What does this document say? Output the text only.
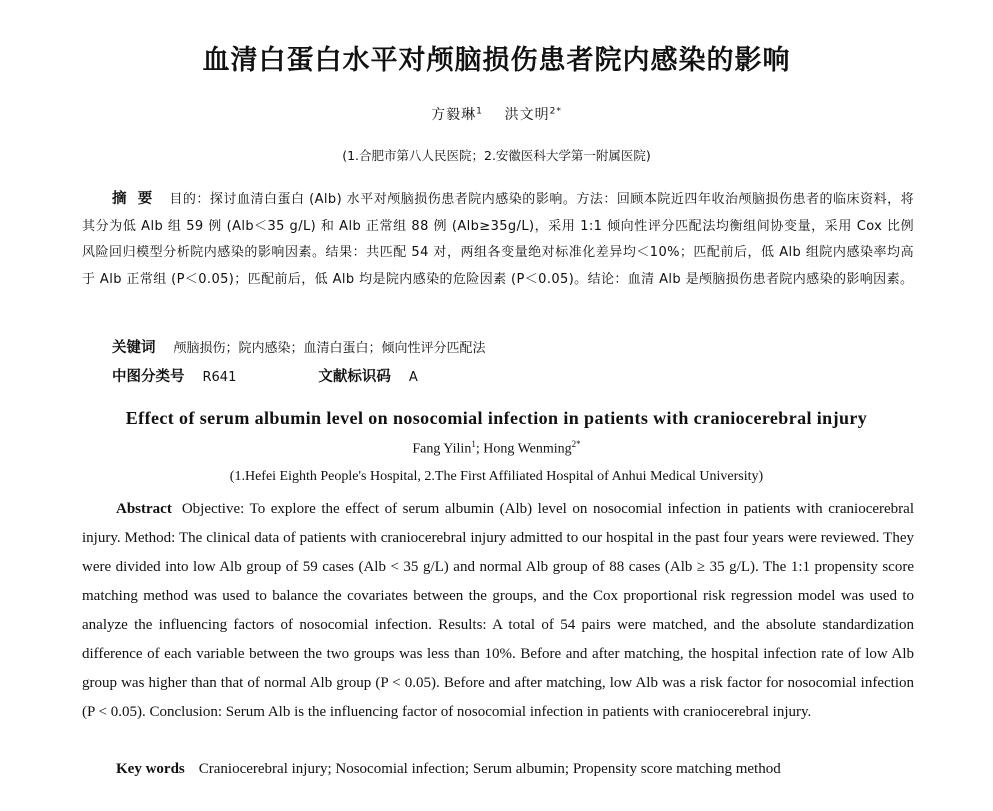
血清白蛋白水平对颅脑损伤患者院内感染的影响
方毅琳$^1$ 洪文明$^{2*}$
(1.合肥市第八人民医院；2.安徽医科大学第一附属医院)
摘 要 目的：探讨血清白蛋白 (Alb) 水平对颅脑损伤患者院内感染的影响。方法：回顾本院近四年收治颅脑损伤患者的临床资料，将其分为低 Alb 组 59 例 (Alb＜35 g/L) 和 Alb 正常组 88 例 (Alb≥35g/L)，采用 1:1 倾向性评分匹配法均衡组间协变量，采用 Cox 比例风险回归模型分析院内感染的影响因素。结果：共匹配 54 对，两组各变量绝对标准化差异均＜10%；匹配前后，低 Alb 组院内感染率均高于 Alb 正常组 (P＜0.05)；匹配前后，低 Alb 均是院内感染的危险因素 (P＜0.05)。结论：血清 Alb 是颅脑损伤患者院内感染的影响因素。
关键词 颅脑损伤；院内感染；血清白蛋白；倾向性评分匹配法
中图分类号 R641	文献标识码 A
Effect of serum albumin level on nosocomial infection in patients with craniocerebral injury
Fang Yilin$^1$; Hong Wenming$^{2*}$
(1.Hefei Eighth People's Hospital, 2.The First Affiliated Hospital of Anhui Medical University)
Abstract Objective: To explore the effect of serum albumin (Alb) level on nosocomial infection in patients with craniocerebral injury. Method: The clinical data of patients with craniocerebral injury admitted to our hospital in the past four years were reviewed. They were divided into low Alb group of 59 cases (Alb < 35 g/L) and normal Alb group of 88 cases (Alb ≥ 35 g/L). The 1:1 propensity score matching method was used to balance the covariates between the groups, and the Cox proportional risk regression model was used to analyze the influencing factors of nosocomial infection. Results: A total of 54 pairs were matched, and the absolute standardization difference of each variable between the two groups was less than 10%. Before and after matching, the hospital infection rate of low Alb group was higher than that of normal Alb group (P < 0.05). Before and after matching, low Alb was a risk factor for nosocomial infection (P < 0.05). Conclusion: Serum Alb is the influencing factor of nosocomial infection in patients with craniocerebral injury.
Key words Craniocerebral injury; Nosocomial infection; Serum albumin; Propensity score matching method
